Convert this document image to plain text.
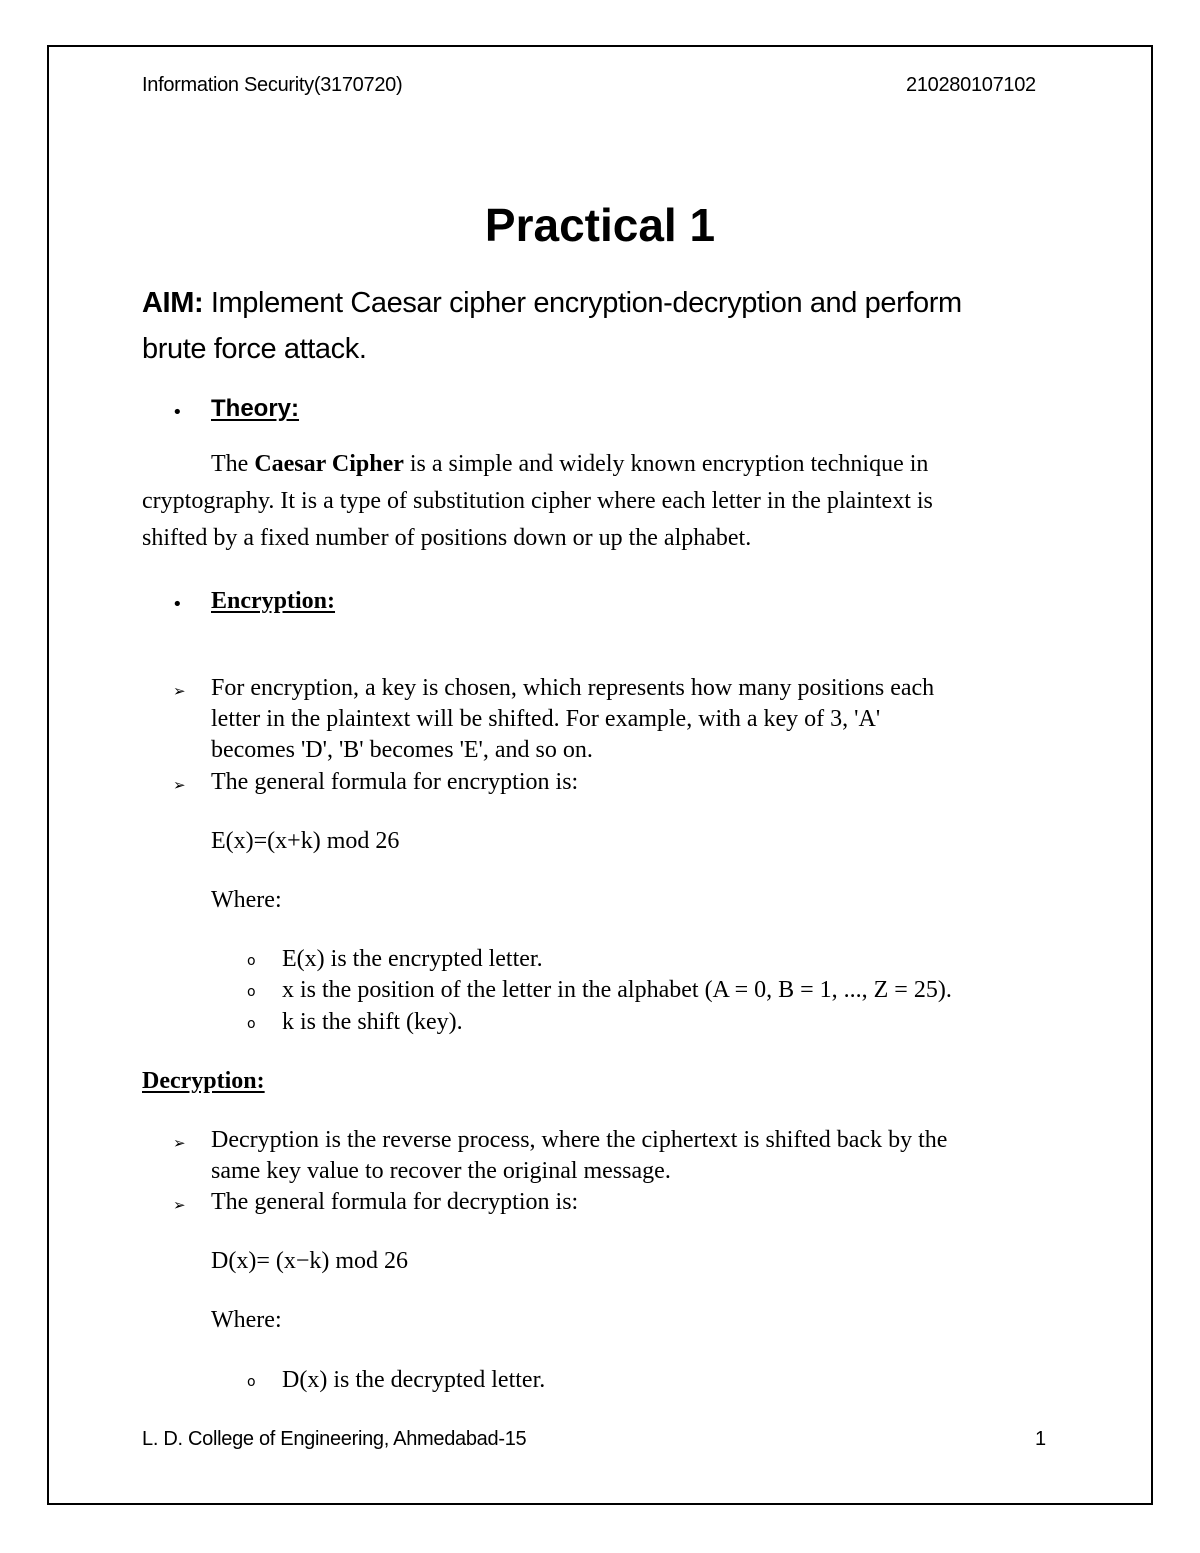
Information Security(3170720)	210280107102
Practical 1
AIM: Implement Caesar cipher encryption-decryption and perform
brute force attack.
• Theory:
The Caesar Cipher is a simple and widely known encryption technique in
cryptography. It is a type of substitution cipher where each letter in the plaintext is
shifted by a fixed number of positions down or up the alphabet.
• Encryption:
➢ For encryption, a key is chosen, which represents how many positions each
letter in the plaintext will be shifted. For example, with a key of 3, 'A'
becomes 'D', 'B' becomes 'E', and so on.
➢ The general formula for encryption is:
E(x)=(x+k) mod 26
Where:
o E(x) is the encrypted letter.
o x is the position of the letter in the alphabet (A = 0, B = 1, ..., Z = 25).
o k is the shift (key).
Decryption:
➢ Decryption is the reverse process, where the ciphertext is shifted back by the
same key value to recover the original message.
➢ The general formula for decryption is:
D(x)= (x−k) mod 26
Where:
o D(x) is the decrypted letter.
L. D. College of Engineering, Ahmedabad-15	1
